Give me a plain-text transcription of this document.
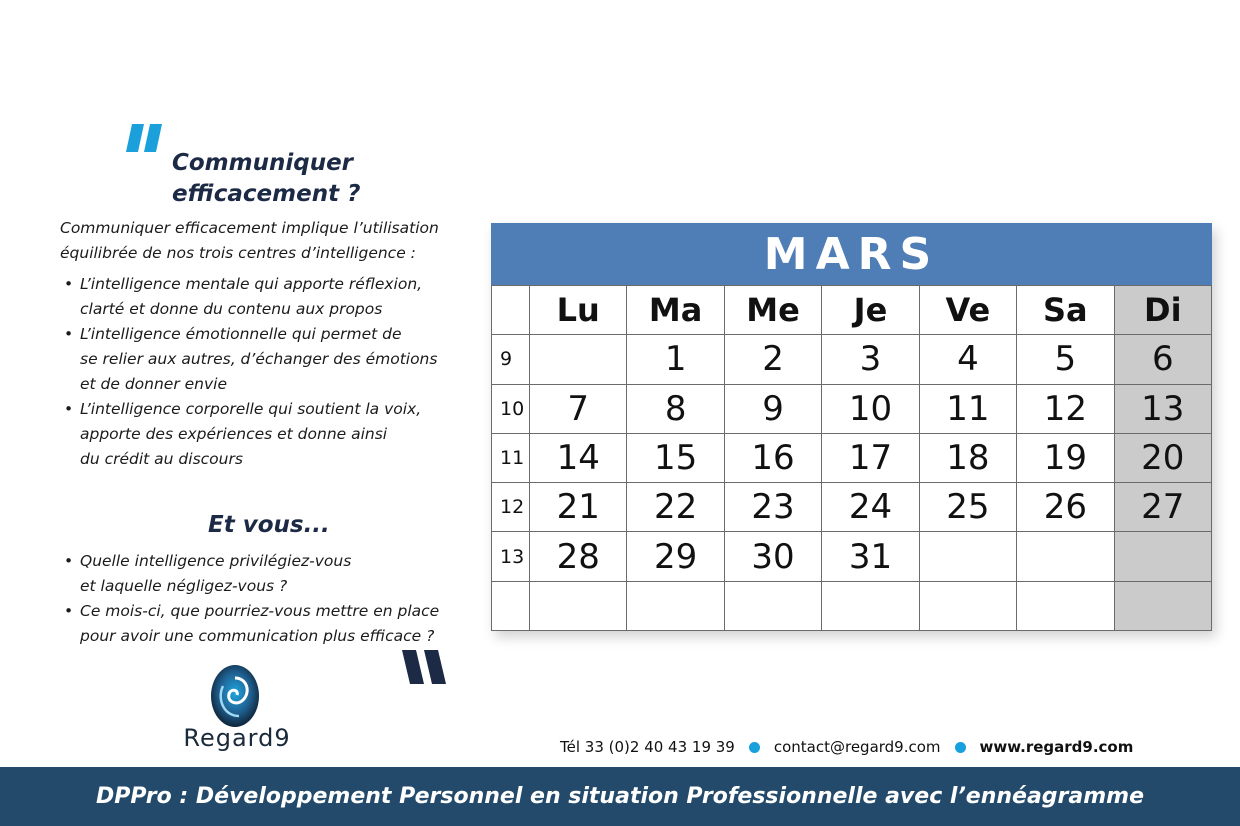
Communiquer
efficacement ?
Communiquer efficacement implique l’utilisation
équilibrée de nos trois centres d’intelligence :
• L’intelligence mentale qui apporte réflexion,
clarté et donne du contenu aux propos
• L’intelligence émotionnelle qui permet de
se relier aux autres, d’échanger des émotions
et de donner envie
• L’intelligence corporelle qui soutient la voix,
apporte des expériences et donne ainsi
du crédit au discours
Et vous...
• Quelle intelligence privilégiez-vous
et laquelle négligez-vous ?
• Ce mois-ci, que pourriez-vous mettre en place
pour avoir une communication plus efficace ?
Regard9
MARS
	Lu	Ma	Me	Je	Ve	Sa	Di
9		1	2	3	4	5	6
10	7	8	9	10	11	12	13
11	14	15	16	17	18	19	20
12	21	22	23	24	25	26	27
13	28	29	30	31			

Tél 33 (0)2 40 43 19 39	contact@regard9.com	www.regard9.com
DPPro : Développement Personnel en situation Professionnelle avec l’ennéagramme
